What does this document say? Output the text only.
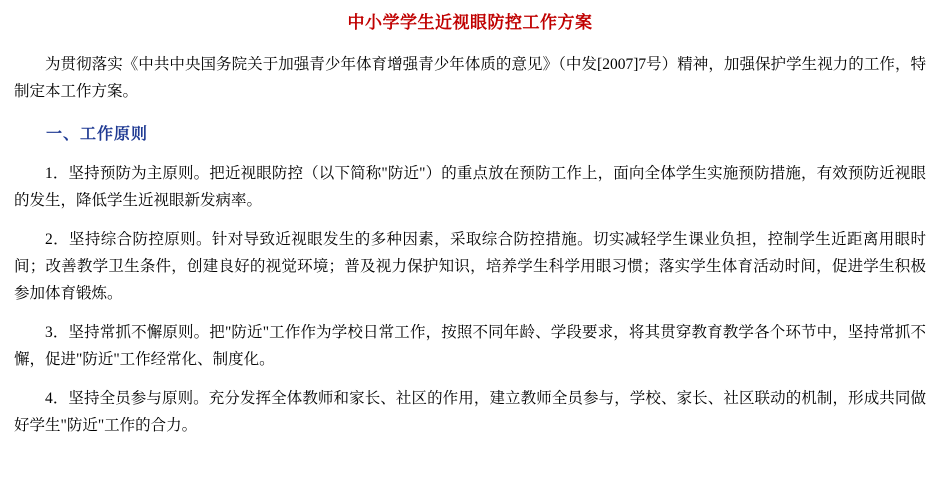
中小学学生近视眼防控工作方案

为贯彻落实《中共中央国务院关于加强青少年体育增强青少年体质的意见》（中发[2007]7号）精神，加强保护学生视力的工作，特制定本工作方案。

一、工作原则

1．坚持预防为主原则。把近视眼防控（以下简称"防近"）的重点放在预防工作上，面向全体学生实施预防措施，有效预防近视眼的发生，降低学生近视眼新发病率。

2．坚持综合防控原则。针对导致近视眼发生的多种因素，采取综合防控措施。切实减轻学生课业负担，控制学生近距离用眼时间；改善教学卫生条件，创建良好的视觉环境；普及视力保护知识，培养学生科学用眼习惯；落实学生体育活动时间，促进学生积极参加体育锻炼。

3．坚持常抓不懈原则。把"防近"工作作为学校日常工作，按照不同年龄、学段要求，将其贯穿教育教学各个环节中，坚持常抓不懈，促进"防近"工作经常化、制度化。

4．坚持全员参与原则。充分发挥全体教师和家长、社区的作用，建立教师全员参与，学校、家长、社区联动的机制，形成共同做好学生"防近"工作的合力。
